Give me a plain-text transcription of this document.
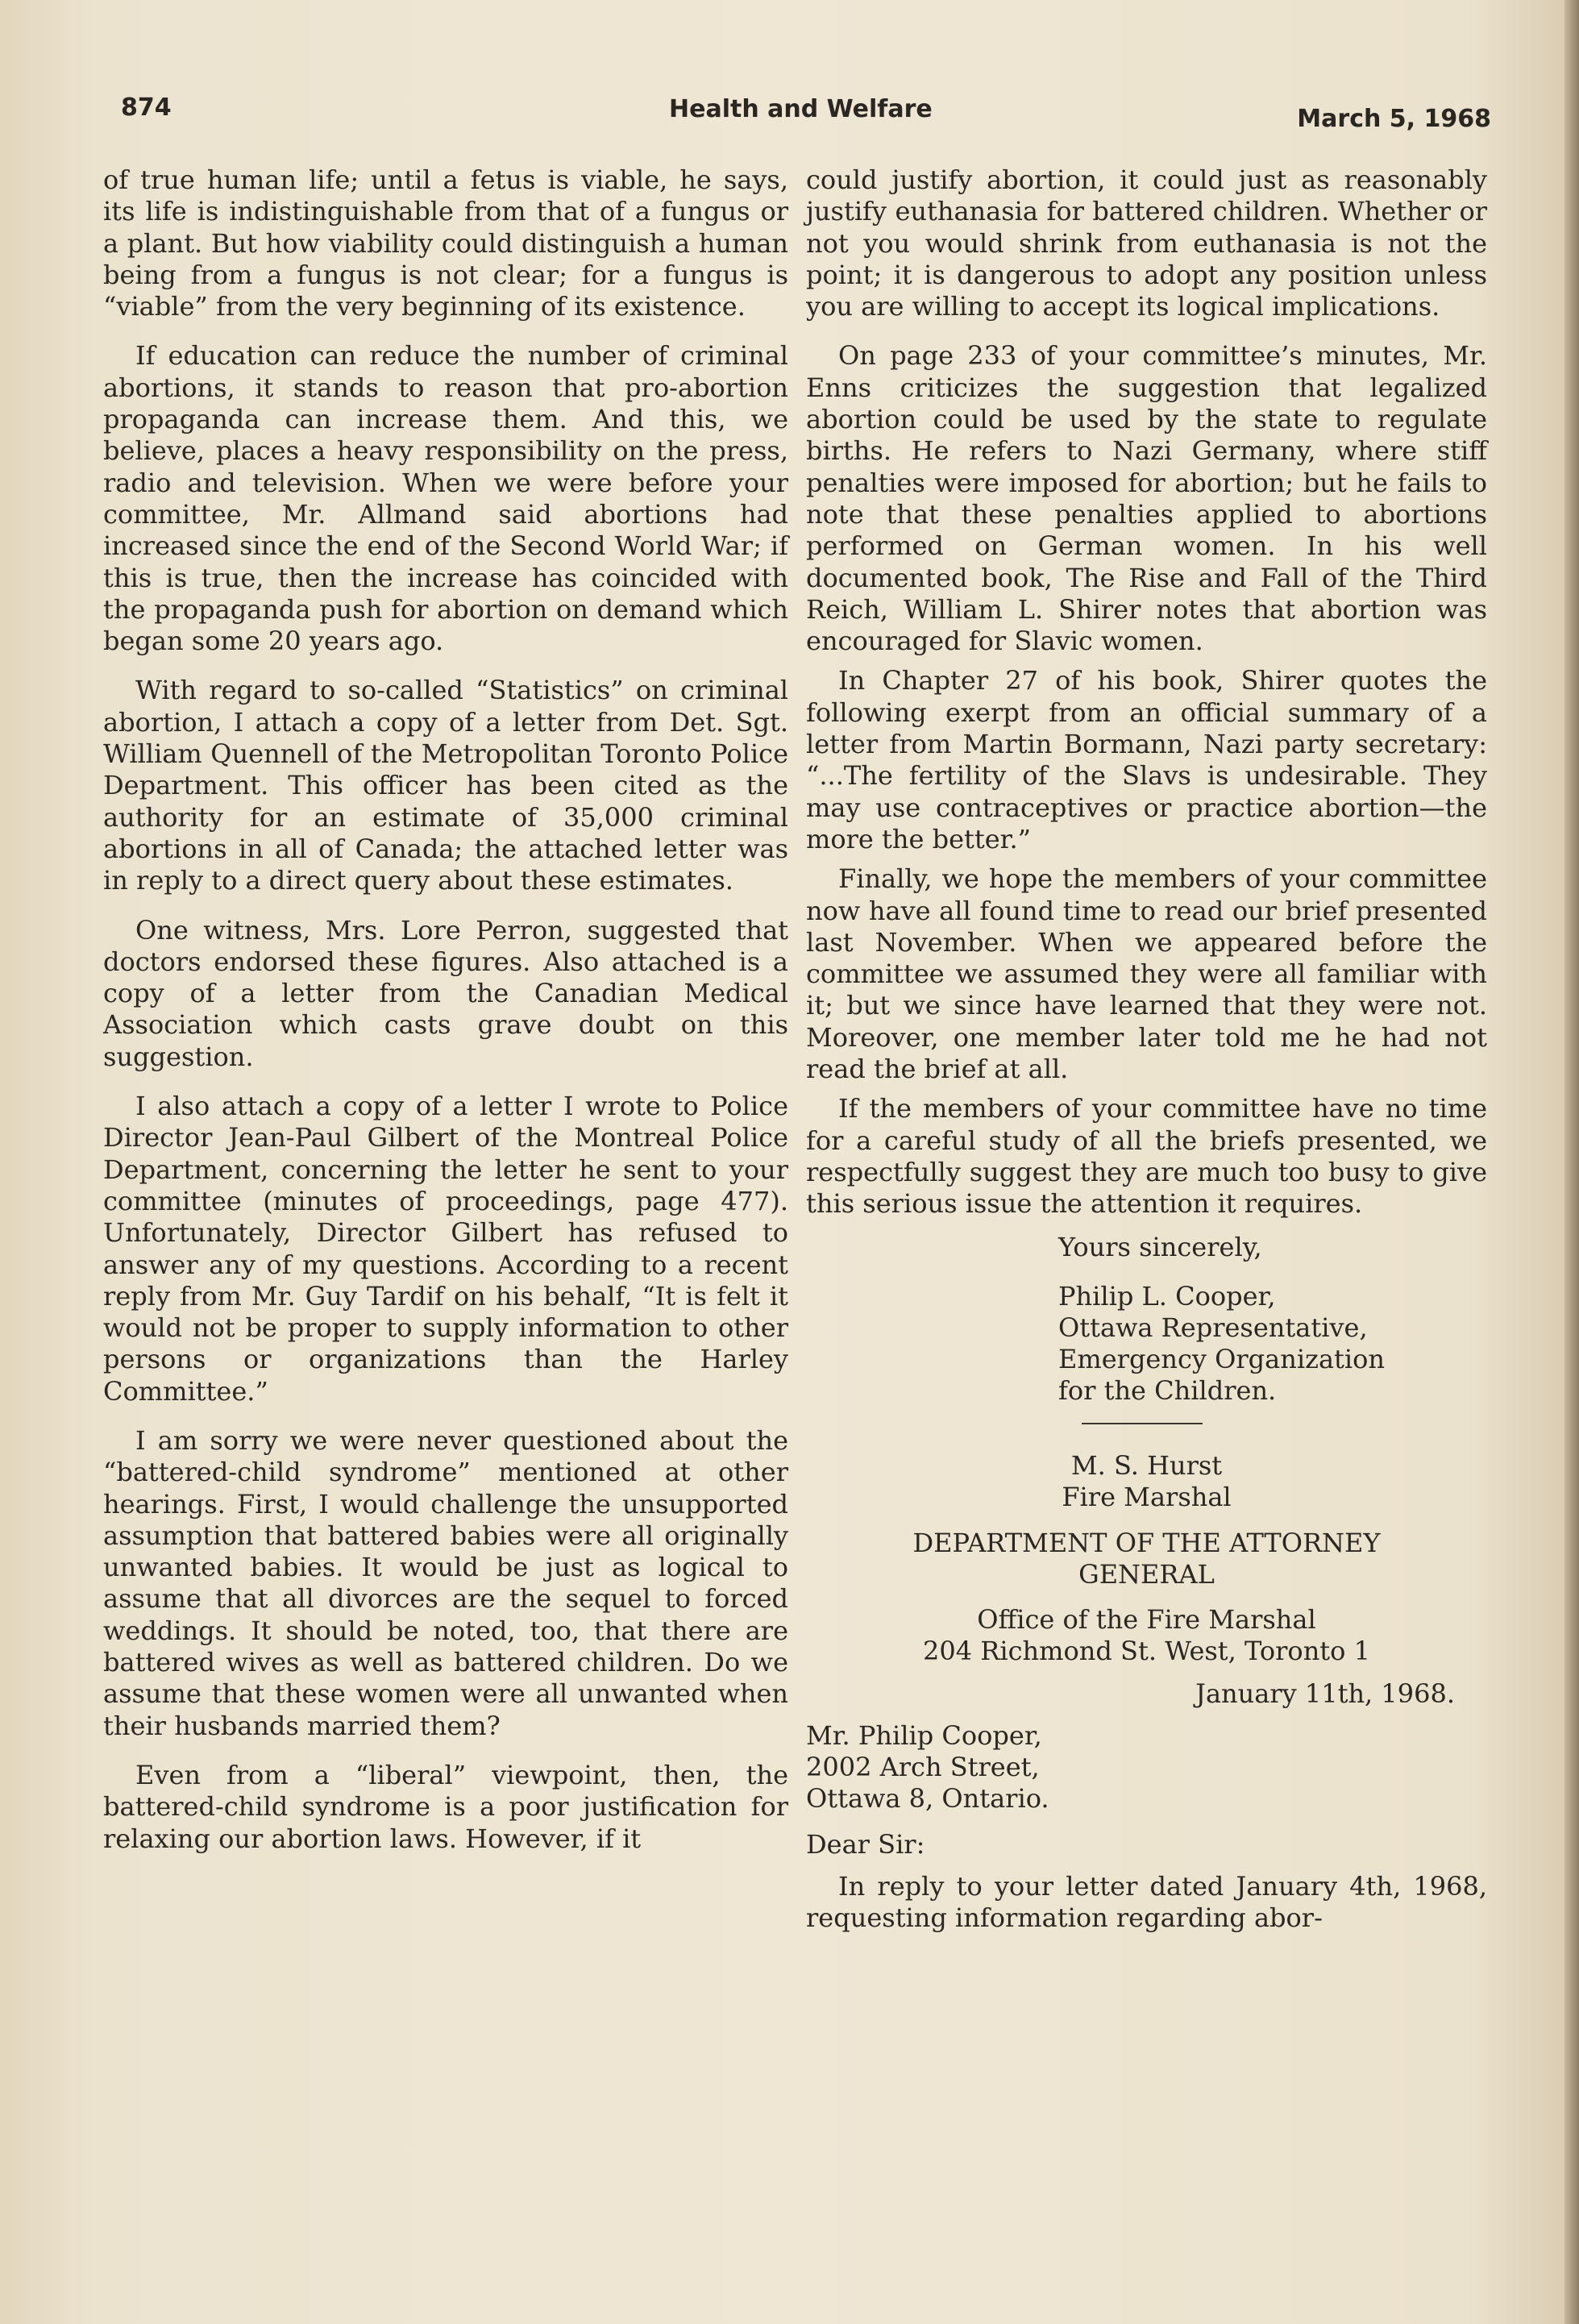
874	Health and Welfare	March 5, 1968

of true human life; until a fetus is viable, he says, its life is indistinguishable from that of a fungus or a plant. But how viability could distinguish a human being from a fungus is not clear; for a fungus is “viable” from the very beginning of its existence.

If education can reduce the number of criminal abortions, it stands to reason that pro-abortion propaganda can increase them. And this, we believe, places a heavy responsibility on the press, radio and television. When we were before your committee, Mr. Allmand said abortions had increased since the end of the Second World War; if this is true, then the increase has coincided with the propaganda push for abortion on demand which began some 20 years ago.

With regard to so-called “Statistics” on criminal abortion, I attach a copy of a letter from Det. Sgt. William Quennell of the Metropolitan Toronto Police Department. This officer has been cited as the authority for an estimate of 35,000 criminal abortions in all of Canada; the attached letter was in reply to a direct query about these estimates.

One witness, Mrs. Lore Perron, suggested that doctors endorsed these figures. Also attached is a copy of a letter from the Canadian Medical Association which casts grave doubt on this suggestion.

I also attach a copy of a letter I wrote to Police Director Jean-Paul Gilbert of the Montreal Police Department, concerning the letter he sent to your committee (minutes of proceedings, page 477). Unfortunately, Director Gilbert has refused to answer any of my questions. According to a recent reply from Mr. Guy Tardif on his behalf, “It is felt it would not be proper to supply information to other persons or organizations than the Harley Committee.”

I am sorry we were never questioned about the “battered-child syndrome” mentioned at other hearings. First, I would challenge the unsupported assumption that battered babies were all originally unwanted babies. It would be just as logical to assume that all divorces are the sequel to forced weddings. It should be noted, too, that there are battered wives as well as battered children. Do we assume that these women were all unwanted when their husbands married them?

Even from a “liberal” viewpoint, then, the battered-child syndrome is a poor justification for relaxing our abortion laws. However, if it

could justify abortion, it could just as reasonably justify euthanasia for battered children. Whether or not you would shrink from euthanasia is not the point; it is dangerous to adopt any position unless you are willing to accept its logical implications.

On page 233 of your committee’s minutes, Mr. Enns criticizes the suggestion that legalized abortion could be used by the state to regulate births. He refers to Nazi Germany, where stiff penalties were imposed for abortion; but he fails to note that these penalties applied to abortions performed on German women. In his well documented book, The Rise and Fall of the Third Reich, William L. Shirer notes that abortion was encouraged for Slavic women.

In Chapter 27 of his book, Shirer quotes the following exerpt from an official summary of a letter from Martin Bormann, Nazi party secretary: “...The fertility of the Slavs is undesirable. They may use contraceptives or practice abortion—the more the better.”

Finally, we hope the members of your committee now have all found time to read our brief presented last November. When we appeared before the committee we assumed they were all familiar with it; but we since have learned that they were not. Moreover, one member later told me he had not read the brief at all.

If the members of your committee have no time for a careful study of all the briefs presented, we respectfully suggest they are much too busy to give this serious issue the attention it requires.

Yours sincerely,
Philip L. Cooper,
Ottawa Representative,
Emergency Organization
for the Children.
M. S. Hurst
Fire Marshal
DEPARTMENT OF THE ATTORNEY
GENERAL
Office of the Fire Marshal
204 Richmond St. West, Toronto 1
January 11th, 1968.
Mr. Philip Cooper,
2002 Arch Street,
Ottawa 8, Ontario.
Dear Sir:

In reply to your letter dated January 4th, 1968, requesting information regarding abor-
